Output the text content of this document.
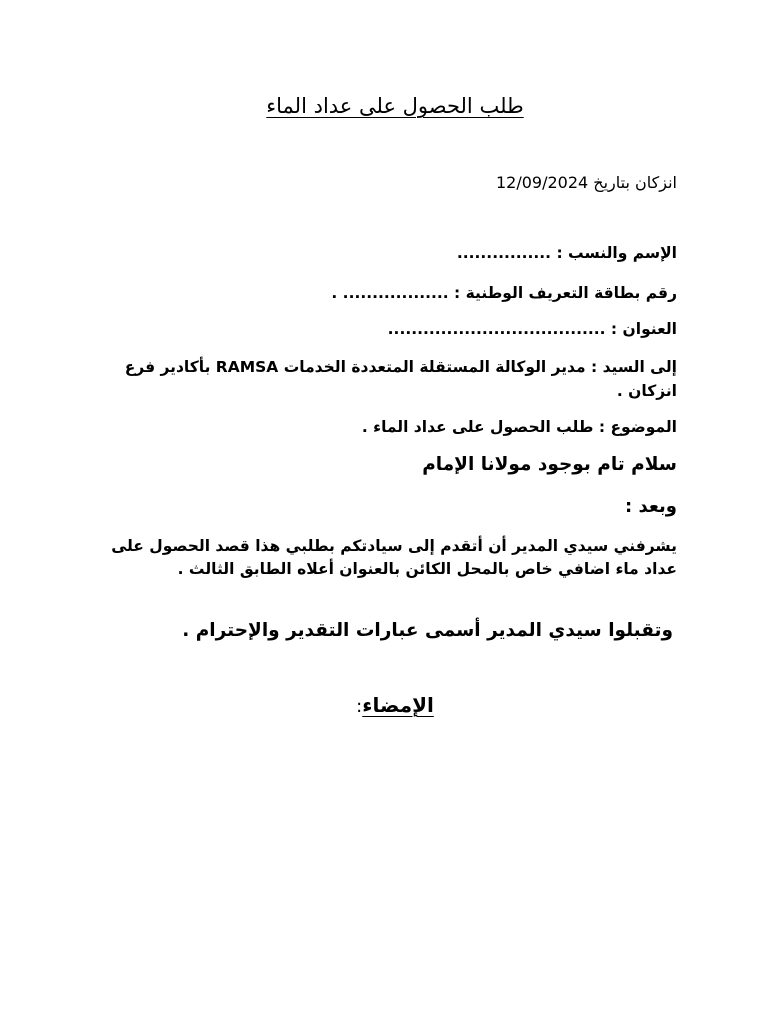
طلب الحصول على عداد الماء
انزكان بتاريخ 12/09/2024
الإسم والنسب : ................
رقم بطاقة التعريف الوطنية : .................. .
العنوان : .....................................
إلى السيد : مدير الوكالة المستقلة المتعددة الخدمات RAMSA بأكادير فرع انزكان .
الموضوع : طلب الحصول على عداد الماء .
سلام تام بوجود مولانا الإمام
وبعد :
يشرفني سيدي المدير أن أتقدم إلى سيادتكم بطلبي هذا قصد الحصول على عداد ماء اضافي خاص بالمحل الكائن بالعنوان أعلاه الطابق الثالث .
وتقبلوا سيدي المدير أسمى عبارات التقدير والإحترام .
الإمضاء:
